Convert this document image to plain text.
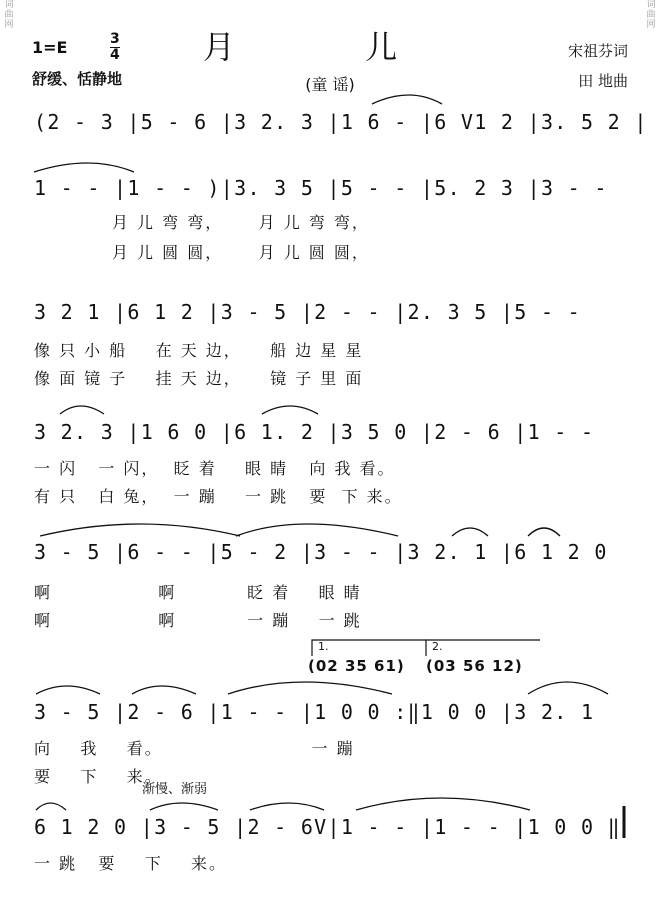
词
曲
网
词
曲
网
1=E	$\frac{3}{4}$
舒缓、恬静地
月 儿
(童 谣)
宋祖芬词
田 地曲
(2 - 3 |5 - 6 |3 2. 3 |1 6 - |6 V1 2 |3. 5 2 |
1 - - |1 - - )|3. 3 5 |5 - - |5. 2 3 |3 - -
月 儿 弯 弯，     月 儿 弯 弯，
月 儿 圆 圆，     月 儿 圆 圆，
3 2 1 |6 1 2 |3 - 5 |2 - - |2. 3 5 |5 - -
像 只 小 船    在 天 边，    船 边 星 星
像 面 镜 子    挂 天 边，    镜 子 里 面
3 2. 3 |1 6 0 |6 1. 2 |3 5 0 |2 - 6 |1 - -
一 闪   一 闪，  眨 着    眼 睛   向 我 看。
有 只   白 兔，  一 蹦    一 跳   要  下 来。
3 - 5 |6 - - |5 - 2 |3 - - |3 2. 1 |6 1 2 0
啊               啊          眨 着    眼 睛
啊               啊          一 蹦    一 跳
1.	2.
(02 35 61) (03 56 12)
3 - 5 |2 - 6 |1 - - |1 0 0 :‖1 0 0 |3 2. 1
向    我    看。                     一 蹦
要    下    来。
渐慢、渐弱
6 1 2 0 |3 - 5 |2 - 6V|1 - - |1 - - |1 0 0 ‖
一 跳   要    下    来。
